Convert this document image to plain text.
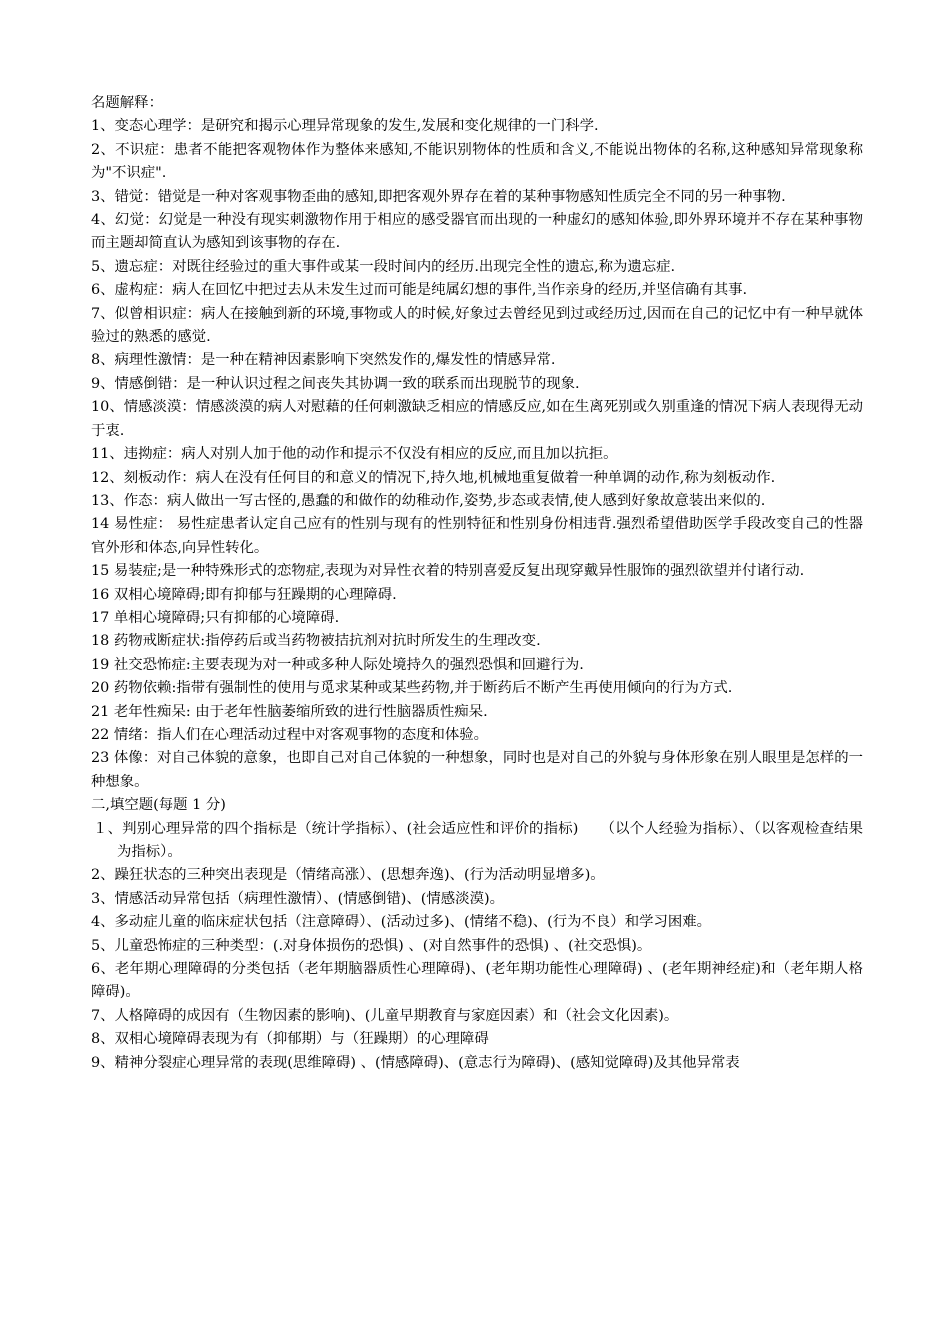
名题解释：

1、变态心理学：是研究和揭示心理异常现象的发生,发展和变化规律的一门科学.

2、不识症：患者不能把客观物体作为整体来感知,不能识别物体的性质和含义,不能说出物体的名称,这种感知异常现象称为"不识症".

3、错觉：错觉是一种对客观事物歪曲的感知,即把客观外界存在着的某种事物感知性质完全不同的另一种事物.

4、幻觉：幻觉是一种没有现实刺激物作用于相应的感受器官而出现的一种虚幻的感知体验,即外界环境并不存在某种事物而主题却简直认为感知到该事物的存在.

5、遗忘症：对既往经验过的重大事件或某一段时间内的经历.出现完全性的遗忘,称为遗忘症.

6、虚构症：病人在回忆中把过去从未发生过而可能是纯属幻想的事件,当作亲身的经历,并坚信确有其事.

7、似曾相识症：病人在接触到新的环境,事物或人的时候,好象过去曾经见到过或经历过,因而在自己的记忆中有一种早就体验过的熟悉的感觉.

8、病理性激情：是一种在精神因素影响下突然发作的,爆发性的情感异常.

9、情感倒错：是一种认识过程之间丧失其协调一致的联系而出现脱节的现象.

10、情感淡漠：情感淡漠的病人对慰藉的任何刺激缺乏相应的情感反应,如在生离死别或久别重逢的情况下病人表现得无动于衷.

11、违拗症：病人对别人加于他的动作和提示不仅没有相应的反应,而且加以抗拒。

12、刻板动作：病人在没有任何目的和意义的情况下,持久地,机械地重复做着一种单调的动作,称为刻板动作.

13、作态：病人做出一写古怪的,愚蠢的和做作的幼稚动作,姿势,步态或表情,使人感到好象故意装出来似的.

14 易性症： 易性症患者认定自己应有的性别与现有的性别特征和性别身份相违背.强烈希望借助医学手段改变自己的性器官外形和体态,向异性转化。

15 易装症;是一种特殊形式的恋物症,表现为对异性衣着的特别喜爱反复出现穿戴异性服饰的强烈欲望并付诸行动.

16 双相心境障碍;即有抑郁与狂躁期的心理障碍.

17 单相心境障碍;只有抑郁的心境障碍.

18 药物戒断症状:指停药后或当药物被拮抗剂对抗时所发生的生理改变.

19 社交恐怖症:主要表现为对一种或多种人际处境持久的强烈恐惧和回避行为.

20 药物依赖:指带有强制性的使用与觅求某种或某些药物,并于断药后不断产生再使用倾向的行为方式.

21 老年性痴呆: 由于老年性脑萎缩所致的进行性脑器质性痴呆.

22 情绪：指人们在心理活动过程中对客观事物的态度和体验。

23 体像：对自己体貌的意象，也即自己对自己体貌的一种想象，同时也是对自己的外貌与身体形象在别人眼里是怎样的一种想象。

二,填空题(每题 1 分)

１、判别心理异常的四个指标是（统计学指标）、(社会适应性和评价的指标)　　（以个人经验为指标）、（以客观检查结果为指标）。

2、躁狂状态的三种突出表现是（情绪高涨）、(思想奔逸)、(行为活动明显增多)。

3、情感活动异常包括（病理性激情）、(情感倒错)、(情感淡漠)。

4、多动症儿童的临床症状包括（注意障碍）、(活动过多)、(情绪不稳)、(行为不良）和学习困难。

5、儿童恐怖症的三种类型：(.对身体损伤的恐惧) 、(对自然事件的恐惧) 、(社交恐惧)。

6、老年期心理障碍的分类包括（老年期脑器质性心理障碍)、(老年期功能性心理障碍) 、(老年期神经症)和（老年期人格障碍)。

7、人格障碍的成因有（生物因素的影响)、(儿童早期教育与家庭因素）和（社会文化因素)。

8、双相心境障碍表现为有（抑郁期）与（狂躁期）的心理障碍

9、精神分裂症心理异常的表现(思维障碍) 、(情感障碍)、(意志行为障碍)、(感知觉障碍)及其他异常表
